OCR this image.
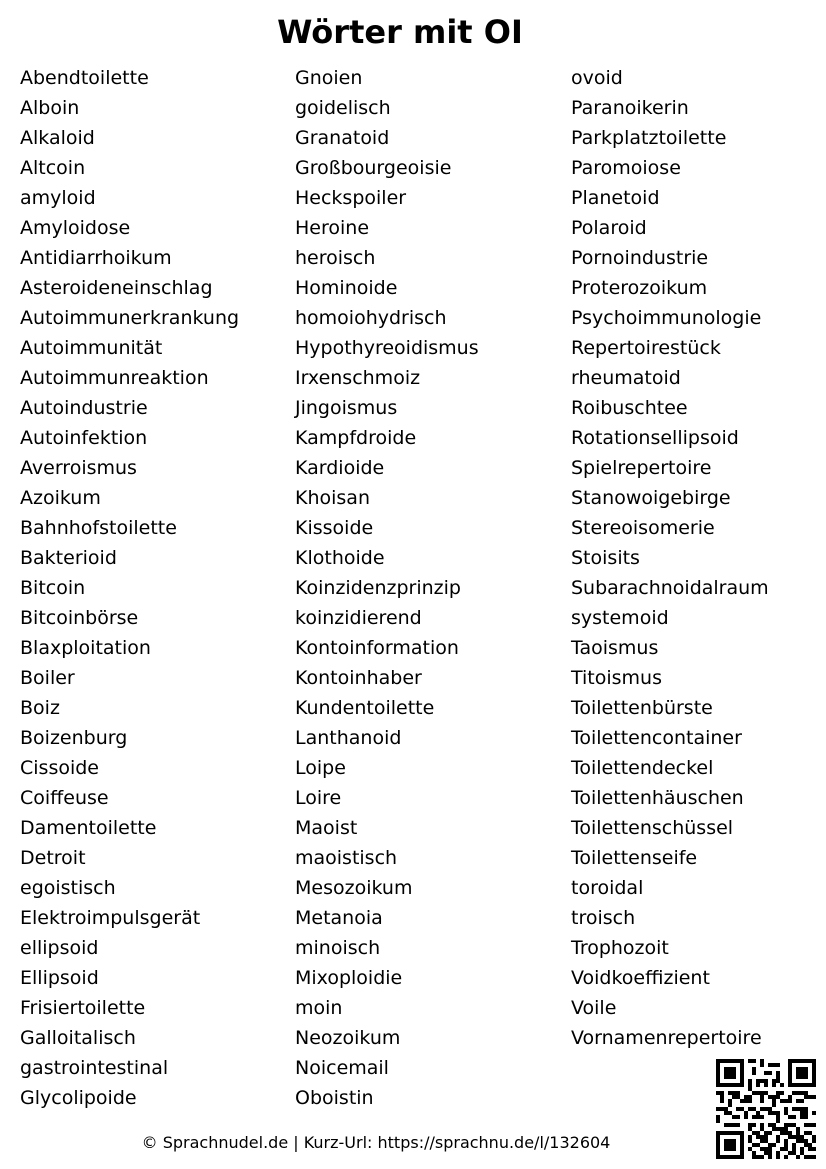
Wörter mit OI
Abendtoilette
Alboin
Alkaloid
Altcoin
amyloid
Amyloidose
Antidiarrhoikum
Asteroideneinschlag
Autoimmunerkrankung
Autoimmunität
Autoimmunreaktion
Autoindustrie
Autoinfektion
Averroismus
Azoikum
Bahnhofstoilette
Bakterioid
Bitcoin
Bitcoinbörse
Blaxploitation
Boiler
Boiz
Boizenburg
Cissoide
Coiffeuse
Damentoilette
Detroit
egoistisch
Elektroimpulsgerät
ellipsoid
Ellipsoid
Frisiertoilette
Galloitalisch
gastrointestinal
Glycolipoide
Gnoien
goidelisch
Granatoid
Großbourgeoisie
Heckspoiler
Heroine
heroisch
Hominoide
homoiohydrisch
Hypothyreoidismus
Irxenschmoiz
Jingoismus
Kampfdroide
Kardioide
Khoisan
Kissoide
Klothoide
Koinzidenzprinzip
koinzidierend
Kontoinformation
Kontoinhaber
Kundentoilette
Lanthanoid
Loipe
Loire
Maoist
maoistisch
Mesozoikum
Metanoia
minoisch
Mixoploidie
moin
Neozoikum
Noicemail
Oboistin
ovoid
Paranoikerin
Parkplatztoilette
Paromoiose
Planetoid
Polaroid
Pornoindustrie
Proterozoikum
Psychoimmunologie
Repertoirestück
rheumatoid
Roibuschtee
Rotationsellipsoid
Spielrepertoire
Stanowoigebirge
Stereoisomerie
Stoisits
Subarachnoidalraum
systemoid
Taoismus
Titoismus
Toilettenbürste
Toilettencontainer
Toilettendeckel
Toilettenhäuschen
Toilettenschüssel
Toilettenseife
toroidal
troisch
Trophozoit
Voidkoeffizient
Voile
Vornamenrepertoire
© Sprachnudel.de | Kurz-Url: https://sprachnu.de/l/132604
